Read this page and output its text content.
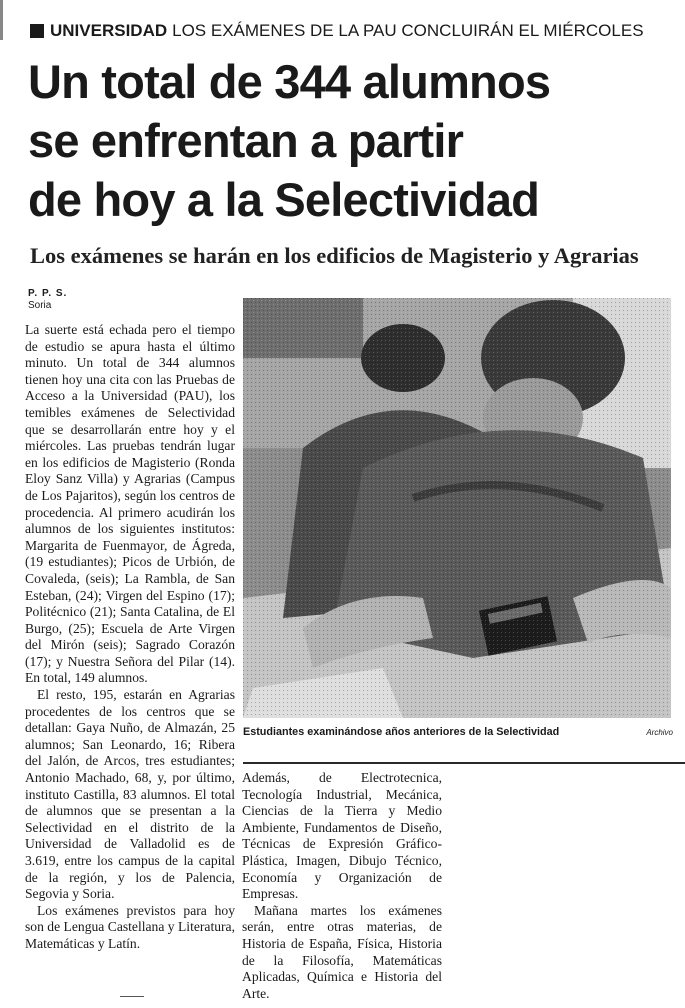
UNIVERSIDAD LOS EXÁMENES DE LA PAU CONCLUIRÁN EL MIÉRCOLES
Un total de 344 alumnos
se enfrentan a partir
de hoy a la Selectividad
Los exámenes se harán en los edificios de Magisterio y Agrarias
P. P. S.
Soria

La suerte está echada pero el tiempo de estudio se apura hasta el último minuto. Un total de 344 alumnos tienen hoy una cita con las Pruebas de Acceso a la Universidad (PAU), los temibles exámenes de Selectividad que se desarrollarán entre hoy y el miércoles. Las pruebas tendrán lugar en los edificios de Magisterio (Ronda Eloy Sanz Villa) y Agrarias (Campus de Los Pajaritos), según los centros de procedencia. Al primero acudirán los alumnos de los siguientes institutos: Margarita de Fuenmayor, de Ágreda, (19 estudiantes); Picos de Urbión, de Covaleda, (seis); La Rambla, de San Esteban, (24); Virgen del Espino (17); Politécnico (21); Santa Catalina, de El Burgo, (25); Escuela de Arte Virgen del Mirón (seis); Sagrado Corazón (17); y Nuestra Señora del Pilar (14). En total, 149 alumnos.

El resto, 195, estarán en Agrarias procedentes de los centros que se detallan: Gaya Nuño, de Almazán, 25 alumnos; San Leonardo, 16; Ribera del Jalón, de Arcos, tres estudiantes; Antonio Machado, 68, y, por último, instituto Castilla, 83 alumnos. El total de alumnos que se presentan a la Selectividad en el distrito de la Universidad de Valladolid es de 3.619, entre los campus de la capital de la región, y los de Palencia, Segovia y Soria.

Los exámenes previstos para hoy son de Lengua Castellana y Literatura, Matemáticas y Latín.

Estudiantes examinándose años anteriores de la Selectividad	Archivo

Además, de Electrotecnica, Tecnología Industrial, Mecánica, Ciencias de la Tierra y Medio Ambiente, Fundamentos de Diseño, Técnicas de Expresión Gráfico-Plástica, Imagen, Dibujo Técnico, Economía y Organización de Empresas.

Mañana martes los exámenes serán, entre otras materias, de Historia de España, Física, Historia de la Filosofía, Matemáticas Aplicadas, Química e Historia del Arte.
